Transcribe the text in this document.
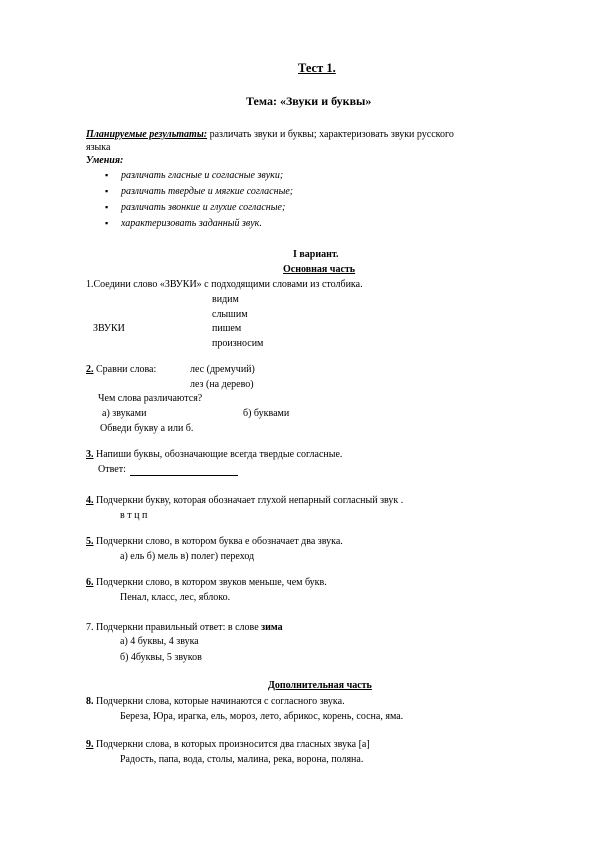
Тест 1.
Тема: «Звуки и буквы»
Планируемые результаты: различать звуки и буквы; характеризовать звуки русского
языка
Умения:
▪ различать гласные и согласные звуки;
▪ различать твердые и мягкие согласные;
▪ различать звонкие и глухие согласные;
▪ характеризовать заданный звук.
I вариант.
Основная часть
1.Соедини слово «ЗВУКИ» с подходящими словами из столбика.
видим
слышим
ЗВУКИ	пишем
произносим
2. Сравни слова:	лес (дремучий)
лез (на дерево)
Чем слова различаются?
а) звуками	б) буквами
Обведи букву а или б.
3. Напиши буквы, обозначающие всегда твердые согласные.
Ответ:
4. Подчеркни букву, которая обозначает глухой непарный согласный звук .
в т ц п
5. Подчеркни слово, в котором буква е обозначает два звука.
а) ель б) мель в) полег) переход
6. Подчеркни слово, в котором звуков меньше, чем букв.
Пенал, класс, лес, яблоко.
7. Подчеркни правильный ответ: в слове зима
а) 4 буквы, 4 звука
б) 4буквы, 5 звуков
Дополнительная часть
8. Подчеркни слова, которые начинаются с согласного звука.
Береза, Юра, ирагка, ель, мороз, лето, абрикос, корень, сосна, яма.
9. Подчеркни слова, в которых произносится два гласных звука [а]
Радость, папа, вода, столы, малина, река, ворона, поляна.
